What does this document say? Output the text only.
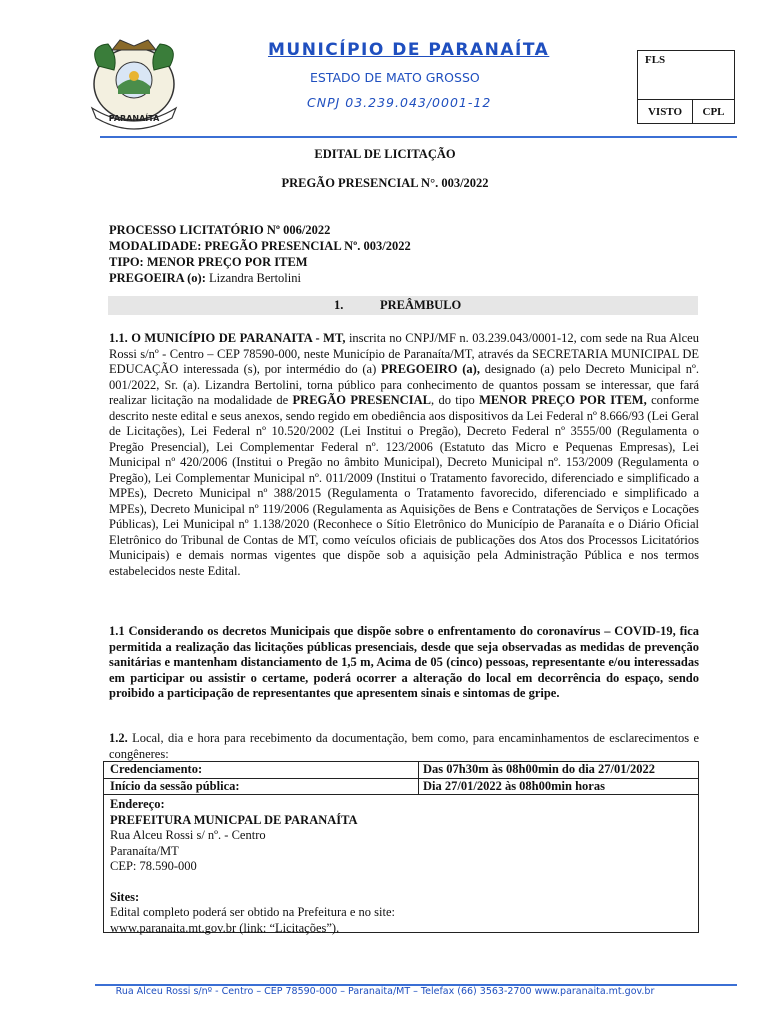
PARANAÍTA
MUNICÍPIO DE PARANAÍTA
ESTADO DE MATO GROSSO
CNPJ 03.239.043/0001-12
FLS
VISTO	CPL
EDITAL DE LICITAÇÃO
PREGÃO PRESENCIAL N°. 003/2022
PROCESSO LICITATÓRIO Nº 006/2022
MODALIDADE: PREGÃO PRESENCIAL Nº. 003/2022
TIPO: MENOR PREÇO POR ITEM
PREGOEIRA (o): Lizandra Bertolini
1.	PREÂMBULO
1.1. O MUNICÍPIO DE PARANAITA - MT, inscrita no CNPJ/MF n. 03.239.043/0001-12, com sede na Rua Alceu Rossi s/nº - Centro – CEP 78590-000, neste Município de Paranaíta/MT, através da SECRETARIA MUNICIPAL DE EDUCAÇÃO interessada (s), por intermédio do (a) PREGOEIRO (a), designado (a) pelo Decreto Municipal nº. 001/2022, Sr. (a). Lizandra Bertolini, torna público para conhecimento de quantos possam se interessar, que fará realizar licitação na modalidade de PREGÃO PRESENCIAL, do tipo MENOR PREÇO POR ITEM, conforme descrito neste edital e seus anexos, sendo regido em obediência aos dispositivos da Lei Federal nº 8.666/93 (Lei Geral de Licitações), Lei Federal nº 10.520/2002 (Lei Institui o Pregão), Decreto Federal nº 3555/00 (Regulamenta o Pregão Presencial), Lei Complementar Federal nº. 123/2006 (Estatuto das Micro e Pequenas Empresas), Lei Municipal nº 420/2006 (Institui o Pregão no âmbito Municipal), Decreto Municipal nº. 153/2009 (Regulamenta o Pregão), Lei Complementar Municipal nº. 011/2009 (Institui o Tratamento favorecido, diferenciado e simplificado a MPEs), Decreto Municipal nº 388/2015 (Regulamenta o Tratamento favorecido, diferenciado e simplificado a MPEs), Decreto Municipal nº 119/2006 (Regulamenta as Aquisições de Bens e Contratações de Serviços e Locações Públicas), Lei Municipal nº 1.138/2020 (Reconhece o Sítio Eletrônico do Município de Paranaíta e o Diário Oficial Eletrônico do Tribunal de Contas de MT, como veículos oficiais de publicações dos Atos dos Processos Licitatórios Municipais) e demais normas vigentes que dispõe sob a aquisição pela Administração Pública e nos termos estabelecidos neste Edital.
1.1 Considerando os decretos Municipais que dispõe sobre o enfrentamento do coronavírus – COVID-19, fica permitida a realização das licitações públicas presenciais, desde que seja observadas as medidas de prevenção sanitárias e mantenham distanciamento de 1,5 m, Acima de 05 (cinco) pessoas, representante e/ou interessadas em participar ou assistir o certame, poderá ocorrer a alteração do local em decorrência do espaço, sendo proibido a participação de representantes que apresentem sinais e sintomas de gripe.
1.2. Local, dia e hora para recebimento da documentação, bem como, para encaminhamentos de esclarecimentos e congêneres:
Credenciamento:	Das 07h30m às 08h00min do dia 27/01/2022
Início da sessão pública:	Dia 27/01/2022 às 08h00min horas
Endereço:
PREFEITURA MUNICPAL DE PARANAÍTA
Rua Alceu Rossi s/ nº. - Centro
Paranaíta/MT
CEP: 78.590-000
Sites:
Edital completo poderá ser obtido na Prefeitura e no site:
www.paranaita.mt.gov.br (link: “Licitações”).
Rua Alceu Rossi s/nº - Centro – CEP 78590-000 – Paranaita/MT – Telefax (66) 3563-2700 www.paranaita.mt.gov.br
